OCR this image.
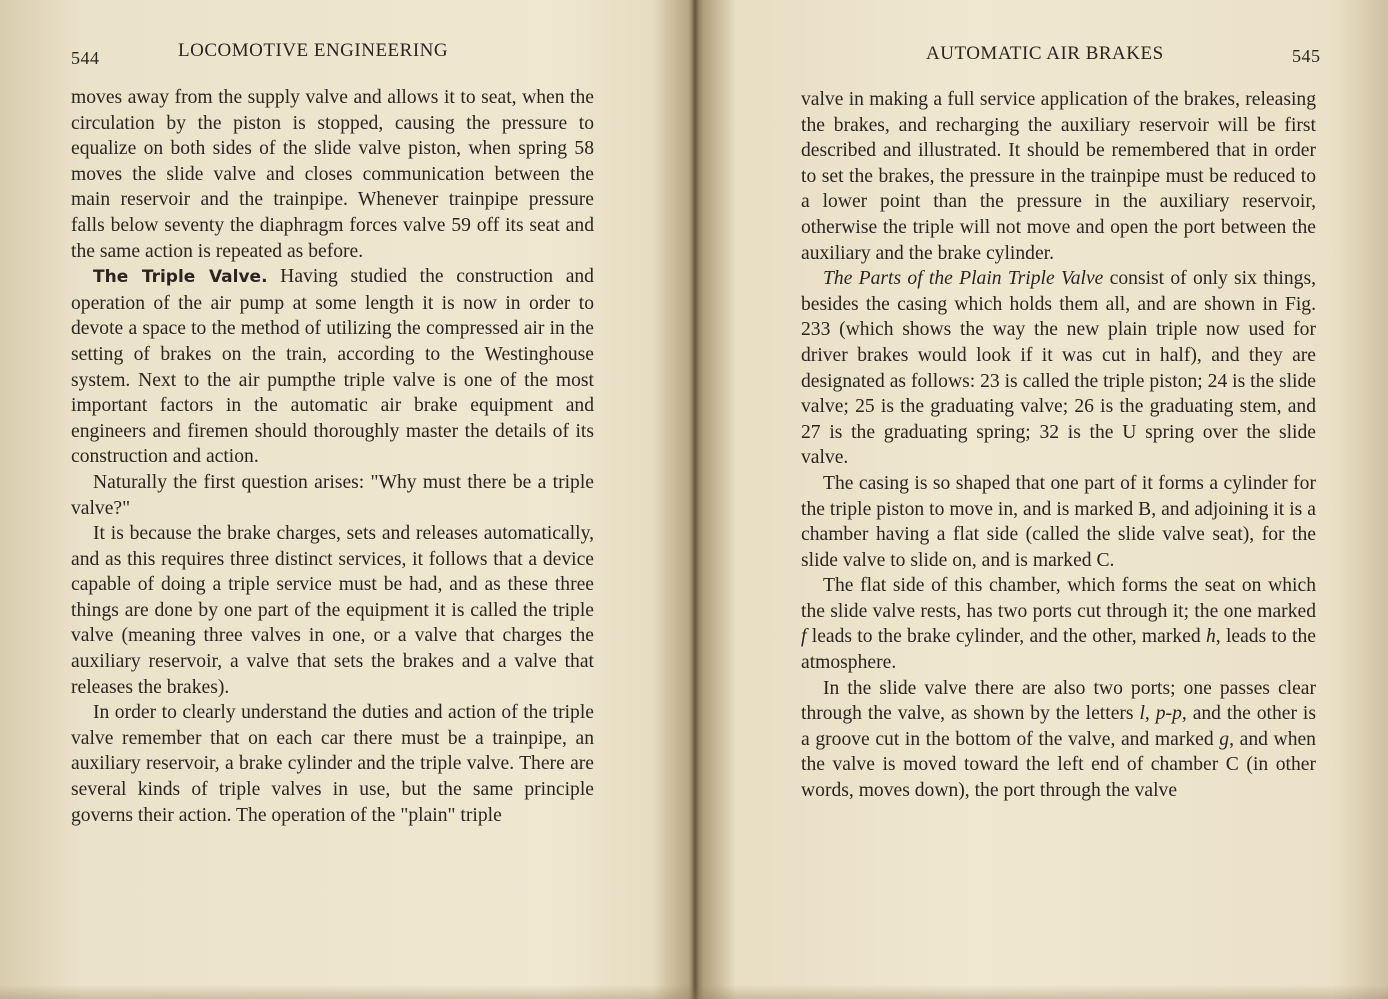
544	LOCOMOTIVE ENGINEERING

moves away from the supply valve and allows it to seat, when the circulation by the piston is stopped, causing the pressure to equalize on both sides of the slide valve piston, when spring 58 moves the slide valve and closes communication between the main reservoir and the trainpipe. Whenever trainpipe pressure falls below seventy the diaphragm forces valve 59 off its seat and the same action is repeated as before.

The Triple Valve. Having studied the construction and operation of the air pump at some length it is now in order to devote a space to the method of utilizing the compressed air in the setting of brakes on the train, according to the Westinghouse system. Next to the air pumpthe triple valve is one of the most important factors in the automatic air brake equipment and engineers and firemen should thoroughly master the details of its construction and action.

Naturally the first question arises: "Why must there be a triple valve?"

It is because the brake charges, sets and releases automatically, and as this requires three distinct services, it follows that a device capable of doing a triple service must be had, and as these three things are done by one part of the equipment it is called the triple valve (meaning three valves in one, or a valve that charges the auxiliary reservoir, a valve that sets the brakes and a valve that releases the brakes).

In order to clearly understand the duties and action of the triple valve remember that on each car there must be a trainpipe, an auxiliary reservoir, a brake cylinder and the triple valve. There are several kinds of triple valves in use, but the same principle governs their action. The operation of the "plain" triple

AUTOMATIC AIR BRAKES	545

valve in making a full service application of the brakes, releasing the brakes, and recharging the auxiliary reservoir will be first described and illustrated. It should be remembered that in order to set the brakes, the pressure in the trainpipe must be reduced to a lower point than the pressure in the auxiliary reservoir, otherwise the triple will not move and open the port between the auxiliary and the brake cylinder.

The Parts of the Plain Triple Valve consist of only six things, besides the casing which holds them all, and are shown in Fig. 233 (which shows the way the new plain triple now used for driver brakes would look if it was cut in half), and they are designated as follows: 23 is called the triple piston; 24 is the slide valve; 25 is the graduating valve; 26 is the graduating stem, and 27 is the graduating spring; 32 is the U spring over the slide valve.

The casing is so shaped that one part of it forms a cylinder for the triple piston to move in, and is marked B, and adjoining it is a chamber having a flat side (called the slide valve seat), for the slide valve to slide on, and is marked C.

The flat side of this chamber, which forms the seat on which the slide valve rests, has two ports cut through it; the one marked f leads to the brake cylinder, and the other, marked h, leads to the atmosphere.

In the slide valve there are also two ports; one passes clear through the valve, as shown by the letters l, p-p, and the other is a groove cut in the bottom of the valve, and marked g, and when the valve is moved toward the left end of chamber C (in other words, moves down), the port through the valve
